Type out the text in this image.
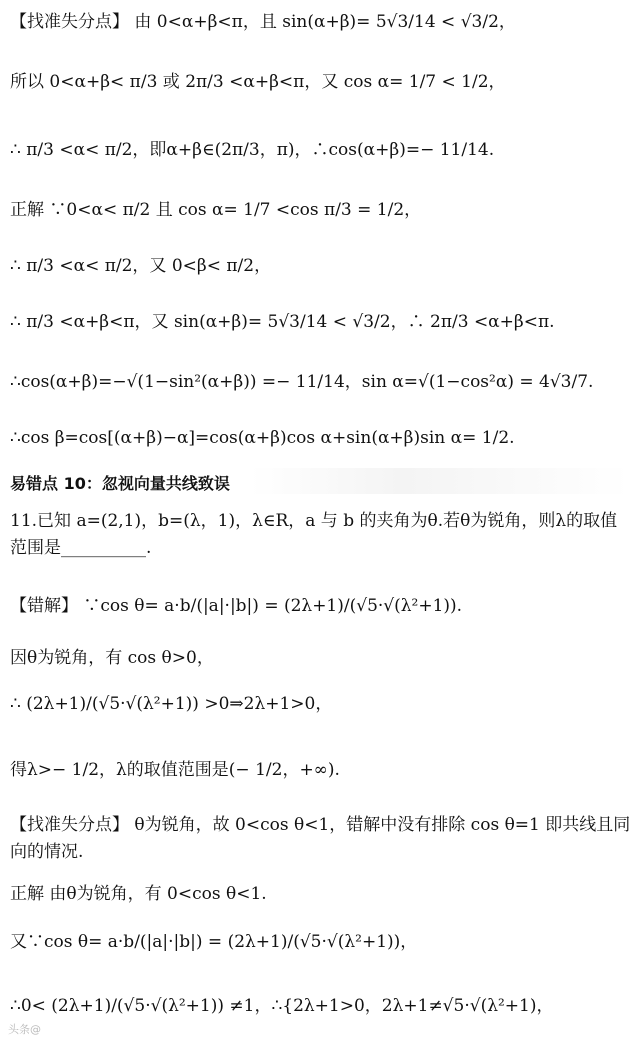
【找准失分点】 由 0<α+β<π，且 sin(α+β)= 5√3/14 < √3/2，
所以 0<α+β< π/3 或 2π/3 <α+β<π，又 cos α= 1/7 < 1/2，
∴ π/3 <α< π/2，即α+β∈(2π/3，π)，∴cos(α+β)=− 11/14.
正解 ∵0<α< π/2 且 cos α= 1/7 <cos π/3 = 1/2，
∴ π/3 <α< π/2，又 0<β< π/2，
∴ π/3 <α+β<π，又 sin(α+β)= 5√3/14 < √3/2，∴ 2π/3 <α+β<π.
∴cos(α+β)=−√(1−sin²(α+β)) =− 11/14，sin α=√(1−cos²α) = 4√3/7.
∴cos β=cos[(α+β)−α]=cos(α+β)cos α+sin(α+β)sin α= 1/2.
易错点 10：忽视向量共线致误
11.已知 a=(2,1)，b=(λ，1)，λ∈R，a 与 b 的夹角为θ.若θ为锐角，则λ的取值范围是__________.
【错解】 ∵cos θ= a·b/(|a|·|b|) = (2λ+1)/(√5·√(λ²+1)).
因θ为锐角，有 cos θ>0，
∴ (2λ+1)/(√5·√(λ²+1)) >0⇒2λ+1>0，
得λ>− 1/2，λ的取值范围是(− 1/2，+∞).
【找准失分点】 θ为锐角，故 0<cos θ<1，错解中没有排除 cos θ=1 即共线且同向的情况.
正解 由θ为锐角，有 0<cos θ<1.
又∵cos θ= a·b/(|a|·|b|) = (2λ+1)/(√5·√(λ²+1))，
∴0< (2λ+1)/(√5·√(λ²+1)) ≠1，∴{2λ+1>0，2λ+1≠√5·√(λ²+1)，
头条@
